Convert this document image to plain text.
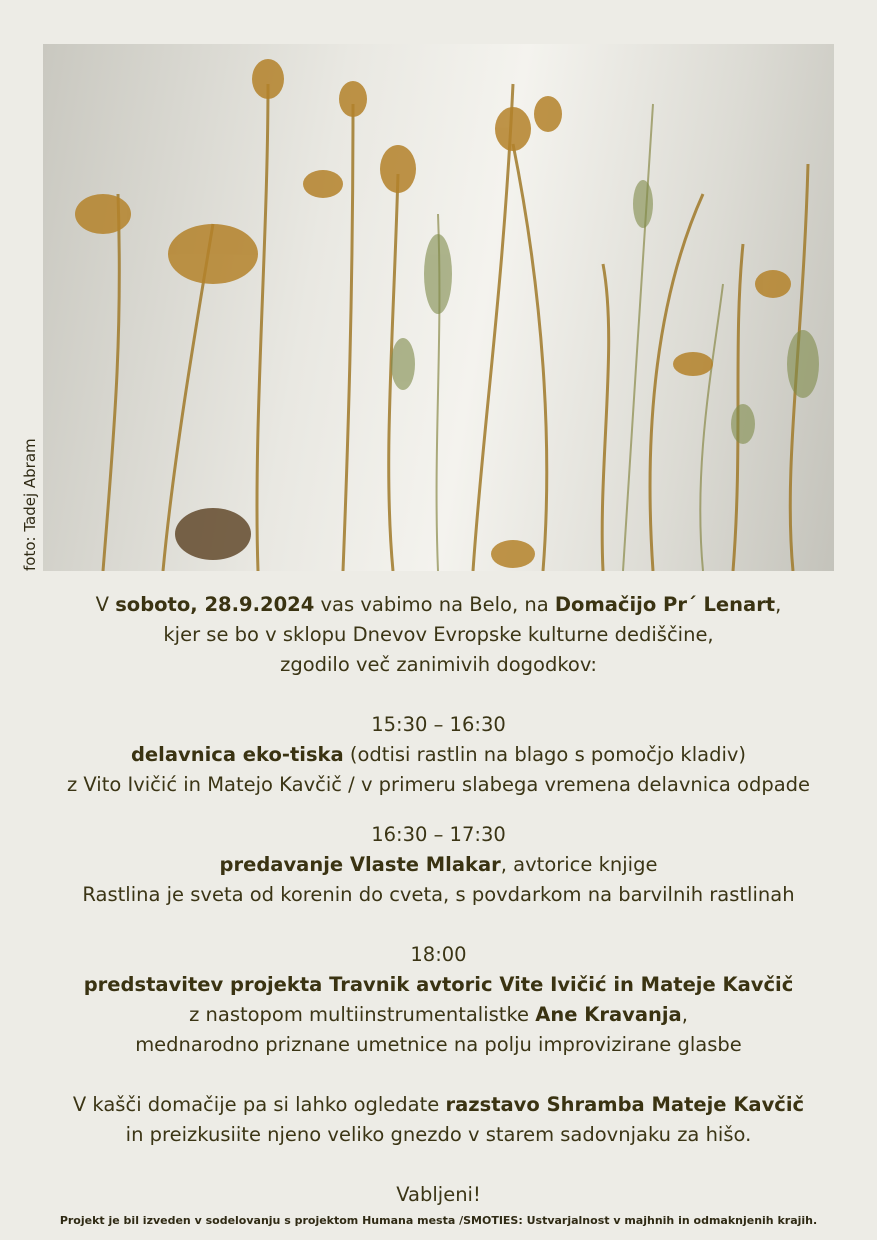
foto: Tadej Abram

V soboto, 28.9.2024 vas vabimo na Belo, na Domačijo Pr´ Lenart,

kjer se bo v sklopu Dnevov Evropske kulturne dediščine,

zgodilo več zanimivih dogodkov:

15:30 – 16:30

delavnica eko-tiska (odtisi rastlin na blago s pomočjo kladiv)

z Vito Ivičić in Matejo Kavčič / v primeru slabega vremena delavnica odpade

16:30 – 17:30

predavanje Vlaste Mlakar, avtorice knjige

Rastlina je sveta od korenin do cveta, s povdarkom na barvilnih rastlinah

18:00

predstavitev projekta Travnik avtoric Vite Ivičić in Mateje Kavčič

z nastopom multiinstrumentalistke Ane Kravanja,

mednarodno priznane umetnice na polju improvizirane glasbe

V kašči domačije pa si lahko ogledate razstavo Shramba Mateje Kavčič

in preizkusiite njeno veliko gnezdo v starem sadovnjaku za hišo.

Vabljeni!

Projekt je bil izveden v sodelovanju s projektom Humana mesta /SMOTIES: Ustvarjalnost v majhnih in odmaknjenih krajih.
